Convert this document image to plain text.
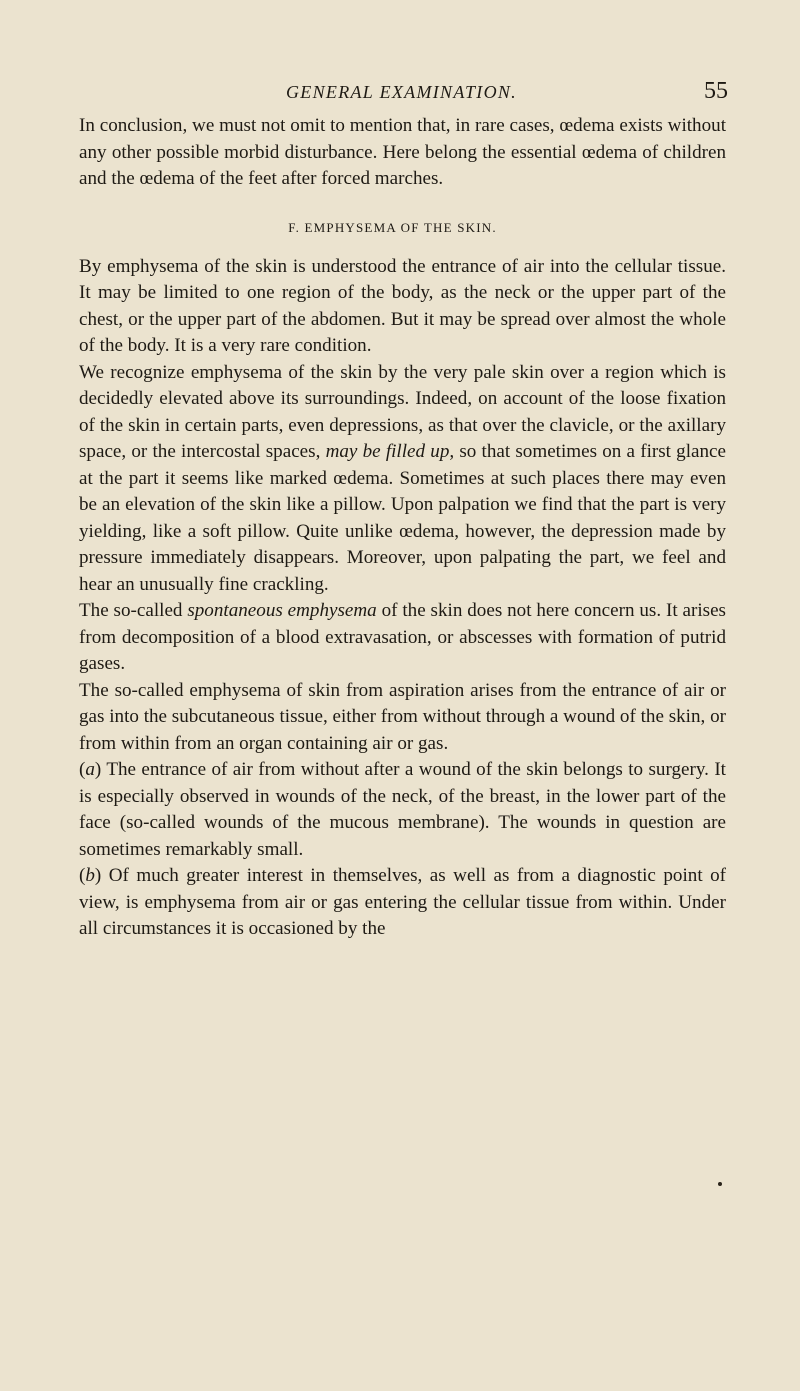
GENERAL EXAMINATION.	55

In conclusion, we must not omit to mention that, in rare cases, œdema exists without any other possible morbid disturbance. Here belong the essential œdema of children and the œdema of the feet after forced marches.

F. EMPHYSEMA OF THE SKIN.

By emphysema of the skin is understood the entrance of air into the cellular tissue. It may be limited to one region of the body, as the neck or the upper part of the chest, or the upper part of the abdomen. But it may be spread over almost the whole of the body. It is a very rare condition.

We recognize emphysema of the skin by the very pale skin over a region which is decidedly elevated above its surroundings. Indeed, on account of the loose fixation of the skin in certain parts, even depressions, as that over the clavicle, or the axillary space, or the intercostal spaces, may be filled up, so that sometimes on a first glance at the part it seems like marked œdema. Sometimes at such places there may even be an elevation of the skin like a pillow. Upon palpation we find that the part is very yielding, like a soft pillow. Quite unlike œdema, however, the depression made by pressure immediately disappears. Moreover, upon palpating the part, we feel and hear an unusually fine crackling.

The so-called spontaneous emphysema of the skin does not here concern us. It arises from decomposition of a blood extravasation, or abscesses with formation of putrid gases.

The so-called emphysema of skin from aspiration arises from the entrance of air or gas into the subcutaneous tissue, either from without through a wound of the skin, or from within from an organ containing air or gas.

(a) The entrance of air from without after a wound of the skin belongs to surgery. It is especially observed in wounds of the neck, of the breast, in the lower part of the face (so-called wounds of the mucous membrane). The wounds in question are sometimes remarkably small.

(b) Of much greater interest in themselves, as well as from a diagnostic point of view, is emphysema from air or gas entering the cellular tissue from within. Under all circumstances it is occasioned by the
